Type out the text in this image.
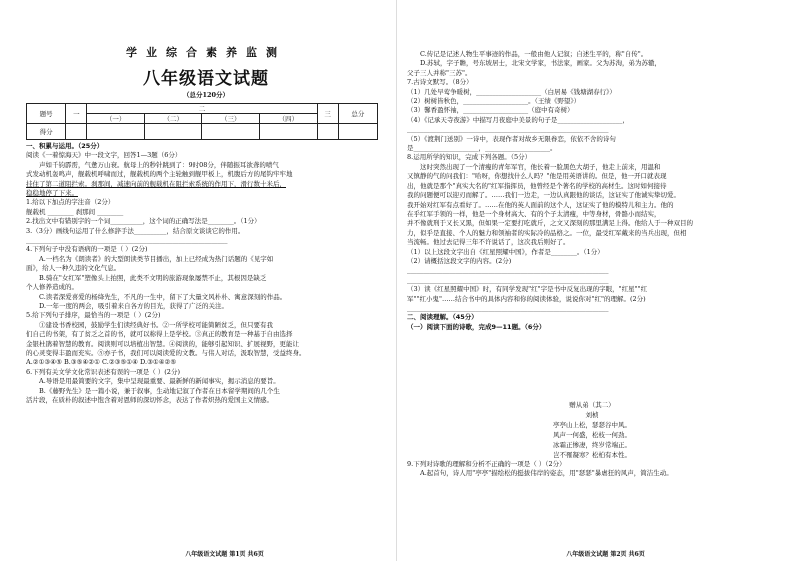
学业综合素养监测
八年级语文试题
（总分120分）
题号	一	二				三	总分
		（一）	（二）	（三）	（四）		
得分							
一、积累与运用。（25分）
阅读《一着惊海天》中一段文字，回答1—3题（6分）
声如千钧霹雳，气惫万山衰。航母上的秒针跳到了：9时08分，伴随振耳欲聋的喷气
式发动机轰鸣声，舰载机呼啸而过，舰载机的两个主轮触到舰甲板上，机腹后方的尾钩牢牢地
挂住了第二道阻拦索。刹那间，减速向前的舰载机在阻拦索系统的作用下，滑行数十米后，
稳稳地停了下来。
1.给以下加点的字注音（2分）
舰载机 ________ 刹那间 ________
2.找出文中有错别字的一个词__________，这个词的正确写法是________。（1分）
3.（3分）画线句运用了什么修辞手法__________，结合原文谈谈它的作用。
______________________________________________________________
4.下列句子中没有语病的一项是（ ）(2分)
A.一档名为《朗读者》的大型朗读类节目播出，加上已经成为热门话题的《见字如
面》，给人一种久违的文化气息。
B.骑在"女红军"塑像头上拍照，此类不文明的旅游现象屡禁不止，其根因是缺乏
个人修养造成的。
C.读者深爱喜爱的杨绛先生，不凡的一生中，留下了大量文风朴朴、寓意深刻的作品。
D.一年一度的两会，吸引着来自各方的目光，获得了广泛的关注。
5.给下列句子排序，最恰当的一项是（ ）(2分)
①建设书香校园，鼓励学生们读经典好书。②一所学校可能简陋贫乏，但只要有我
们自己的书架，有了贫乏之首的书，就可以称得上是学校。③真正的教育是一种基于自由选择
金银杜鹃着智慧的教育。阅读则可以培植出智慧。④阅读的，能够引起知识、扩展视野，更能让
的心灵变得丰盈而充实。⑤亦子书，我们可以阅读爱的文教。与伟人对话，汲取智慧，受益终身。
A.②①③④⑤ B.③⑤④②① C.②③⑤①④ D.③①④②⑤
6.下列有关文学文化常识表述有误的一项是（ ）(2分)
A.导语是用最简要的文字，集中呈现最重要、最新鲜的新闻事实，揭示消息的要旨。
B.《藤野先生》是一篇小说，兼于叙事，生动地记叙了作者在日本留学期间的几个生
活片段，在质朴的叙述中饱含着对恩师的深切怀念，表达了作者炽热的爱国主义情感。
八年级语文试题 第1页 共6页
C.传记是记述人物生平事迹的作品，一般由他人记叙；自述生平的，称"自传"。
D.苏轼，字子瞻，号东坡居士，北宋文学家，书法家，画家。父为苏洵，弟为苏辙，
父子三人并称"三苏"。
7.古诗文默写。（8分）
（1）几处早莺争暖树，____________________（白居易《钱塘湖春行》）
（2）树树皆秋色，____________________。（王绩《野望》）
（3）馨香盈怀袖，____________________（庭中有奇树）
（4）《记承天寺夜游》中描写月夜庭中美景的句子是____________________，
______________________________________________________________
（5）《渡荆门送别》一诗中，表现作者对故乡无限眷恋，依依不舍的诗句
是____________________，____________________。
8.运用所学的知识，完成下列各题。（5分）
这时突然出现了一个清瘦的青年军官，他长着一脸黑色大胡子，他走上前来，用温和
又镇静的气的问我们："哈呀，你想找什么人吗？"他是用英语讲的。但是，他一开口就表现
出，他就是那个"真实大名的"红军指挥员，他曾经是个著名的学校的高材生。这时如何接待
我的问题便可以迎刃而解了。……我们一边走，一边认真跟他的谈话，这证实了他诚实挚切爱。
我开始对红军有点看好了。……在他的英人面前的这个人，这证实了他的模特儿和主力。他的
在乎红军手领的一样，他是一个身材高大、有的个子太清瘦，中等身材，骨骼小而结实，
并不像就刑于又长又黑，但如果一定要打吃就斤，之文又深刻的那里满足上得。他给人于一种双目的
力，似乎是直接、个人的魅力和领袖者的实际冷的品格之。一位，最受红军戴来的当兵出现，但相
当流畅。他过去记得三年不许说话了，这次我后则好了。
（1）以上这段文字出自《红星照耀中国》，作者是________。（1分）
（2）请概括这段文字的内容。(2分)
______________________________________________________________
______________________________________________________________
（3）读《红星照耀中国》时，有同学发现"红"字是书中反复出现的字眼，"红星""红
军""红小鬼"……结合书中的具体内容和你的阅读体验，说说你对"红"的理解。(2分)
______________________________________________________________
二、阅读理解。（45分）
（一）阅读下面的诗歌，完成9—11题。（6分）
赠从弟（其二）
刘桢
亭亭山上松，瑟瑟谷中风。
风声一何盛，松枝一何劲。
冰霜正惨凄，终岁常端正。
岂不罹凝寒？松柏有本性。
9.下列对诗歌的理解和分析不正确的一项是（ ）（2分）
A.起首句，诗人用"亭亭"描绘松的挺拔伟岸的姿态，用"瑟瑟"暴虐狂的风声，简洁生动。
八年级语文试题 第2页 共6页
